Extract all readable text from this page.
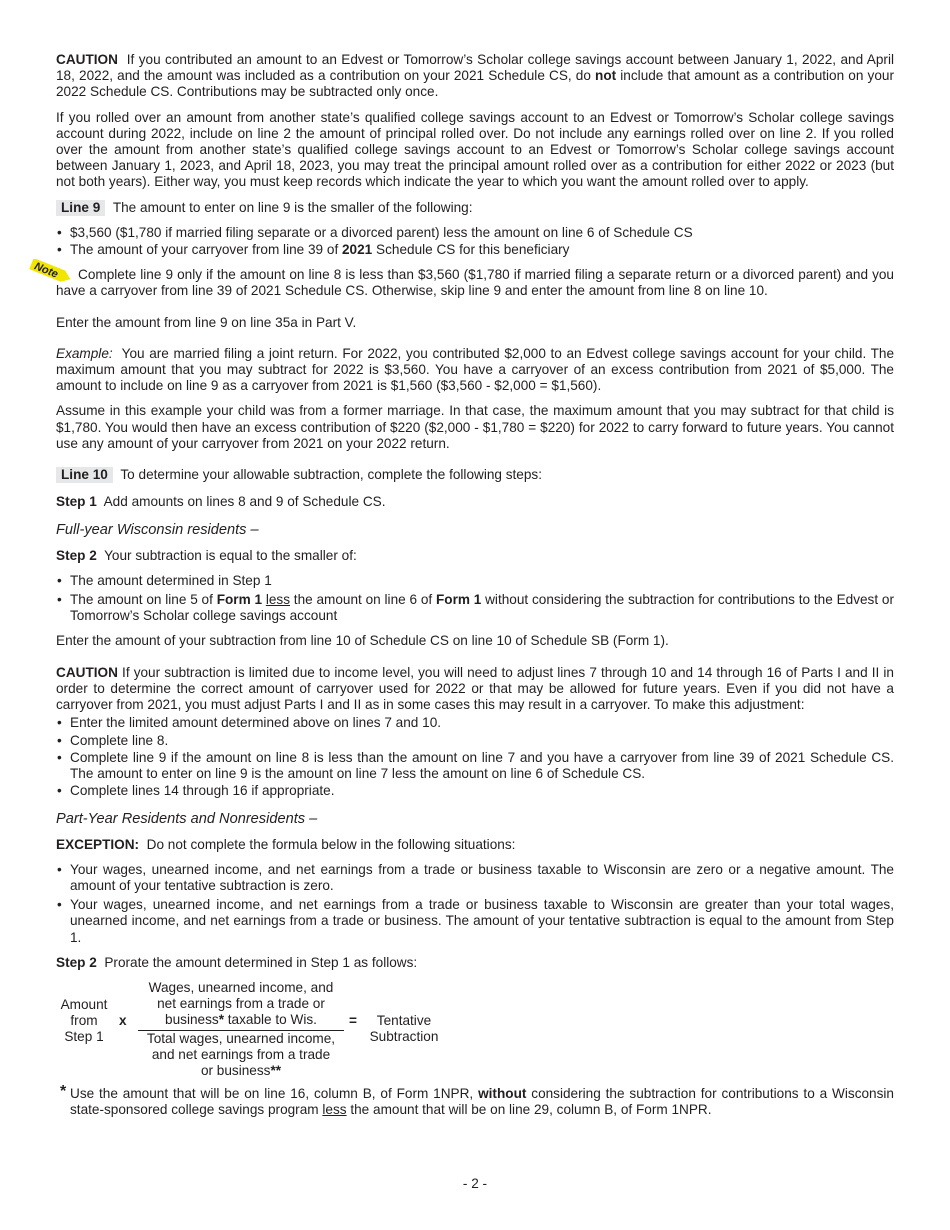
CAUTION If you contributed an amount to an Edvest or Tomorrow’s Scholar college savings account between January 1, 2022, and April 18, 2022, and the amount was included as a contribution on your 2021 Schedule CS, do not include that amount as a contribution on your 2022 Schedule CS. Contributions may be subtracted only once.

If you rolled over an amount from another state’s qualified college savings account to an Edvest or Tomorrow’s Scholar college savings account during 2022, include on line 2 the amount of principal rolled over. Do not include any earnings rolled over on line 2. If you rolled over the amount from another state’s qualified college savings account to an Edvest or Tomorrow’s Scholar college savings account between January 1, 2023, and April 18, 2023, you may treat the principal amount rolled over as a contribution for either 2022 or 2023 (but not both years). Either way, you must keep records which indicate the year to which you want the amount rolled over to apply.

Line 9 The amount to enter on line 9 is the smaller of the following:

• $3,560 ($1,780 if married filing separate or a divorced parent) less the amount on line 6 of Schedule CS
• The amount of your carryover from line 39 of 2021 Schedule CS for this beneficiary
Note	Complete line 9 only if the amount on line 8 is less than $3,560 ($1,780 if married filing a separate return or a divorced parent) and you have a carryover from line 39 of 2021 Schedule CS. Otherwise, skip line 9 and enter the amount from line 8 on line 10.

Enter the amount from line 9 on line 35a in Part V.

Example: You are married filing a joint return. For 2022, you contributed $2,000 to an Edvest college savings account for your child. The maximum amount that you may subtract for 2022 is $3,560. You have a carryover of an excess contribution from 2021 of $5,000. The amount to include on line 9 as a carryover from 2021 is $1,560 ($3,560 - $2,000 = $1,560).

Assume in this example your child was from a former marriage. In that case, the maximum amount that you may subtract for that child is $1,780. You would then have an excess contribution of $220 ($2,000 - $1,780 = $220) for 2022 to carry forward to future years. You cannot use any amount of your carryover from 2021 on your 2022 return.

Line 10 To determine your allowable subtraction, complete the following steps:

Step 1 Add amounts on lines 8 and 9 of Schedule CS.

Full-year Wisconsin residents –

Step 2 Your subtraction is equal to the smaller of:

• The amount determined in Step 1
• The amount on line 5 of Form 1 less the amount on line 6 of Form 1 without considering the subtraction for contributions to the Edvest or Tomorrow’s Scholar college savings account

Enter the amount of your subtraction from line 10 of Schedule CS on line 10 of Schedule SB (Form 1).

CAUTION If your subtraction is limited due to income level, you will need to adjust lines 7 through 10 and 14 through 16 of Parts I and II in order to determine the correct amount of carryover used for 2022 or that may be allowed for future years. Even if you did not have a carryover from 2021, you must adjust Parts I and II as in some cases this may result in a carryover. To make this adjustment:

• Enter the limited amount determined above on lines 7 and 10.
• Complete line 8.
• Complete line 9 if the amount on line 8 is less than the amount on line 7 and you have a carryover from line 39 of 2021 Schedule CS. The amount to enter on line 9 is the amount on line 7 less the amount on line 6 of Schedule CS.
• Complete lines 14 through 16 if appropriate.
Part-Year Residents and Nonresidents –

EXCEPTION: Do not complete the formula below in the following situations:

• Your wages, unearned income, and net earnings from a trade or business taxable to Wisconsin are zero or a negative amount. The amount of your tentative subtraction is zero.
• Your wages, unearned income, and net earnings from a trade or business taxable to Wisconsin are greater than your total wages, unearned income, and net earnings from a trade or business. The amount of your tentative subtraction is equal to the amount from Step 1.

Step 2 Prorate the amount determined in Step 1 as follows:

Amount
from
Step 1
x
Wages, unearned income, and
net earnings from a trade or
business* taxable to Wis.
Total wages, unearned income,
and net earnings from a trade
or business**
=	Tentative
Subtraction
* Use the amount that will be on line 16, column B, of Form 1NPR, without considering the subtraction for contributions to a Wisconsin state-sponsored college savings program less the amount that will be on line 29, column B, of Form 1NPR.
- 2 -
